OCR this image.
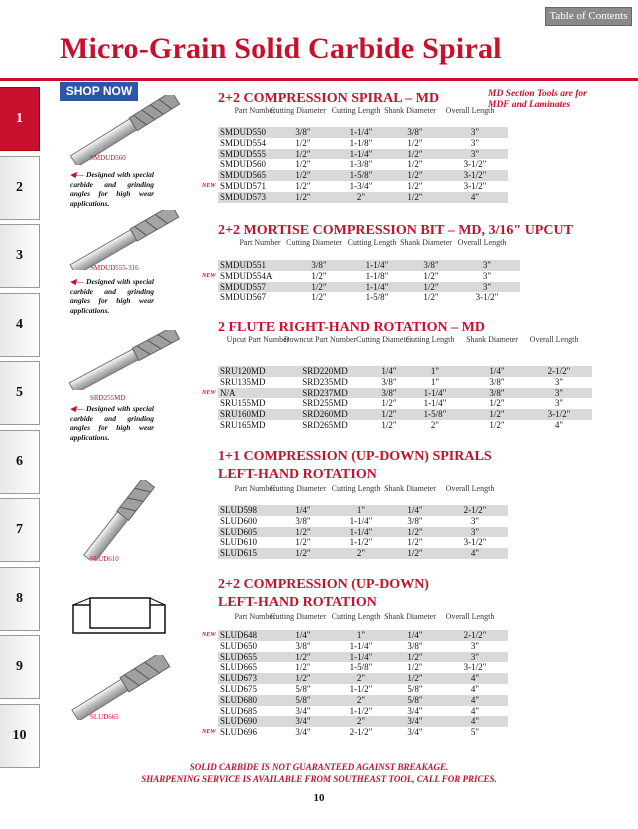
Table of Contents
Micro-Grain Solid Carbide Spiral
1
2
3
4
5
6
7
8
9
10
SHOP NOW
SMDUD560
SMDUD555-316
SRD255MD
SLUD610
SLUD665
◀— Designed with special carbide and grinding angles for high wear applications.
◀— Designed with special carbide and grinding angles for high wear applications.
◀— Designed with special carbide and grinding angles for high wear applications.
MD Section Tools are for MDF and Laminates
2+2 COMPRESSION SPIRAL – MD
Part Number
Cutting Diameter Cutting Length Shank Diameter	Overall Length
NEW
SMDUD550	3/8"	1-1/4"	3/8"	3"
SMDUD554	1/2"	1-1/8"	1/2"	3"
SMDUD555	1/2"	1-1/4"	1/2"	3"
SMDUD560	1/2"	1-3/8"	1/2"	3-1/2"
SMDUD565	1/2"	1-5/8"	1/2"	3-1/2"
SMDUD571	1/2"	1-3/4"	1/2"	3-1/2"
SMDUD573	1/2"	2"	1/2"	4"
2+2 MORTISE COMPRESSION BIT – MD, 3/16" UPCUT
Part Number Cutting Diameter Cutting Length Shank Diameter Overall Length
NEW
SMDUD551	3/8"	1-1/4"	3/8"	3"
SMDUD554A	1/2"	1-1/8"	1/2"	3"
SMDUD557	1/2"	1-1/4"	1/2"	3"
SMDUD567	1/2"	1-5/8"	1/2"	3-1/2"
2 FLUTE RIGHT-HAND ROTATION – MD
Upcut Part Number
Downcut Part Number Cutting Diameter
Cutting Length	Shank Diameter	Overall Length
NEW
SRU120MD	SRD220MD	1/4"	1"	1/4"	2-1/2"
SRU135MD	SRD235MD	3/8"	1"	3/8"	3"
N/A	SRD237MD	3/8"	1-1/4"	3/8"	3"
SRU155MD	SRD255MD	1/2"	1-1/4"	1/2"	3"
SRU160MD	SRD260MD	1/2"	1-5/8"	1/2"	3-1/2"
SRU165MD	SRD265MD	1/2"	2"	1/2"	4"
1+1 COMPRESSION (UP-DOWN) SPIRALS
LEFT-HAND ROTATION
Part Number
Cutting Diameter Cutting Length Shank Diameter	Overall Length
SLUD598	1/4"	1"	1/4"	2-1/2"
SLUD600	3/8"	1-1/4"	3/8"	3"
SLUD605	1/2"	1-1/4"	1/2"	3"
SLUD610	1/2"	1-1/2"	1/2"	3-1/2"
SLUD615	1/2"	2"	1/2"	4"
2+2 COMPRESSION (UP-DOWN)
LEFT-HAND ROTATION
Part Number
Cutting Diameter Cutting Length Shank Diameter	Overall Length
NEW
NEW
SLUD648	1/4"	1"	1/4"	2-1/2"
SLUD650	3/8"	1-1/4"	3/8"	3"
SLUD655	1/2"	1-1/4"	1/2"	3"
SLUD665	1/2"	1-5/8"	1/2"	3-1/2"
SLUD673	1/2"	2"	1/2"	4"
SLUD675	5/8"	1-1/2"	5/8"	4"
SLUD680	5/8"	2"	5/8"	4"
SLUD685	3/4"	1-1/2"	3/4"	4"
SLUD690	3/4"	2"	3/4"	4"
SLUD696	3/4"	2-1/2"	3/4"	5"
SOLID CARBIDE IS NOT GUARANTEED AGAINST BREAKAGE.
SHARPENING SERVICE IS AVAILABLE FROM SOUTHEAST TOOL, CALL FOR PRICES.
10
